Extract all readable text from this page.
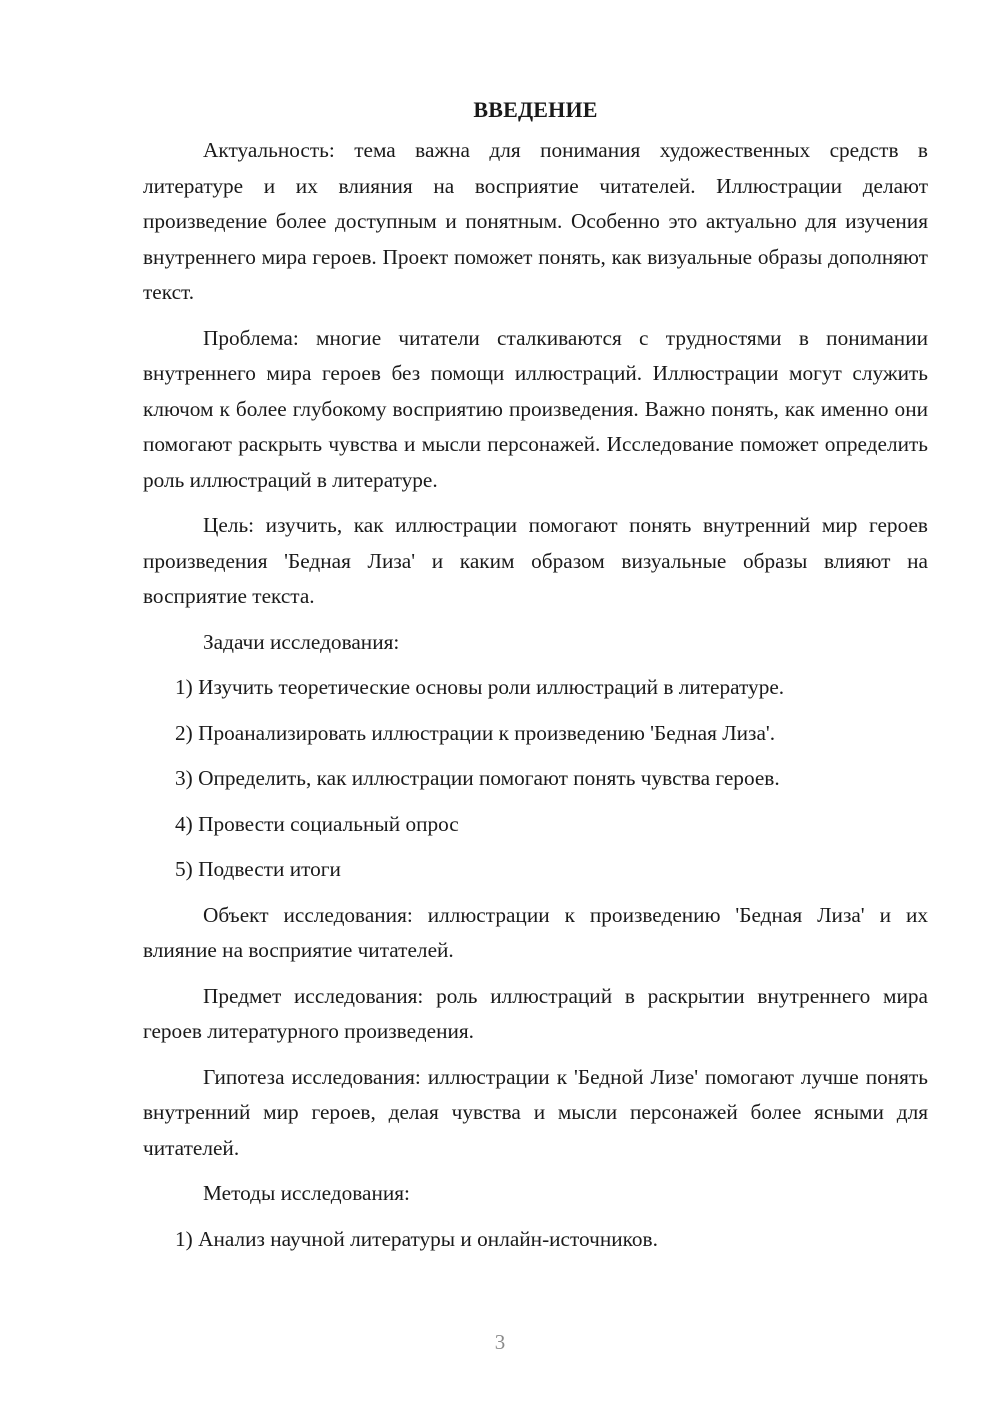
ВВЕДЕНИЕ

Актуальность: тема важна для понимания художественных средств в литературе и их влияния на восприятие читателей. Иллюстрации делают произведение более доступным и понятным. Особенно это актуально для изучения внутреннего мира героев. Проект поможет понять, как визуальные образы дополняют текст.

Проблема: многие читатели сталкиваются с трудностями в понимании внутреннего мира героев без помощи иллюстраций. Иллюстрации могут служить ключом к более глубокому восприятию произведения. Важно понять, как именно они помогают раскрыть чувства и мысли персонажей. Исследование поможет определить роль иллюстраций в литературе.

Цель: изучить, как иллюстрации помогают понять внутренний мир героев произведения 'Бедная Лиза' и каким образом визуальные образы влияют на восприятие текста.

Задачи исследования:

1) Изучить теоретические основы роли иллюстраций в литературе.

2) Проанализировать иллюстрации к произведению 'Бедная Лиза'.

3) Определить, как иллюстрации помогают понять чувства героев.

4) Провести социальный опрос

5) Подвести итоги

Объект исследования: иллюстрации к произведению 'Бедная Лиза' и их влияние на восприятие читателей.

Предмет исследования: роль иллюстраций в раскрытии внутреннего мира героев литературного произведения.

Гипотеза исследования: иллюстрации к 'Бедной Лизе' помогают лучше понять внутренний мир героев, делая чувства и мысли персонажей более ясными для читателей.

Методы исследования:

1) Анализ научной литературы и онлайн-источников.

3
